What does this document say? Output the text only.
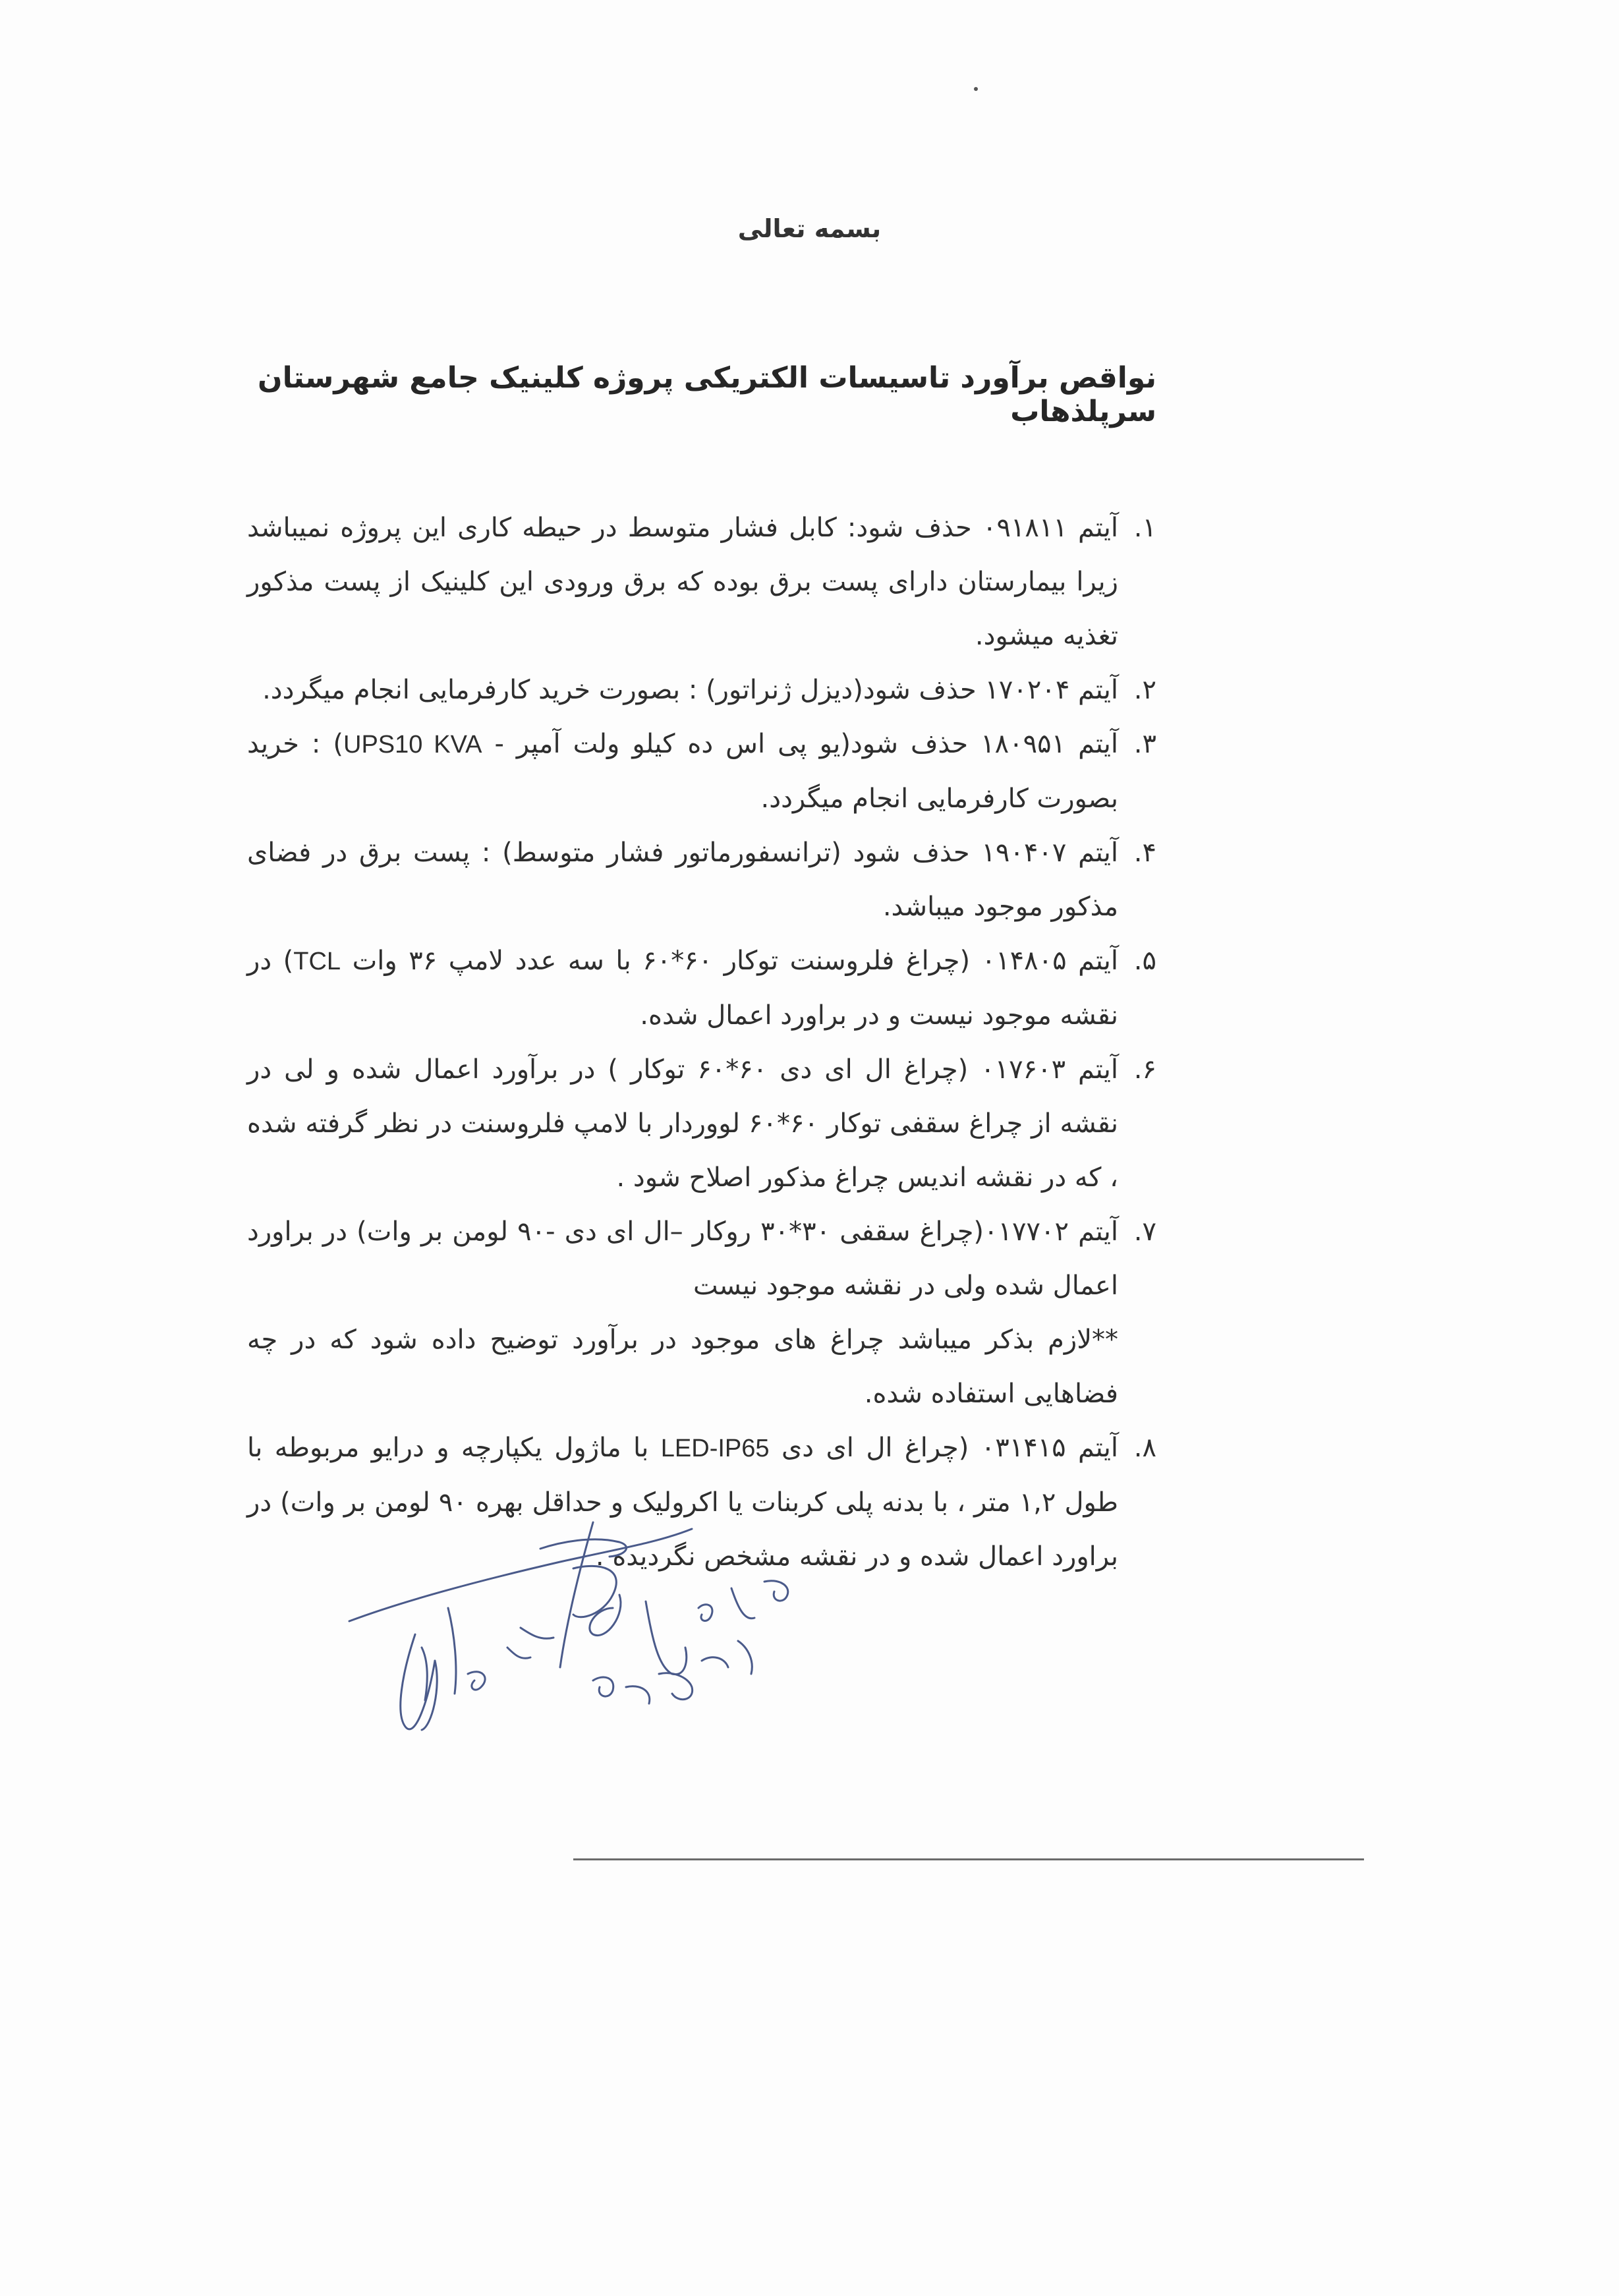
بسمه تعالی
نواقص برآورد تاسیسات الکتریکی پروژه کلینیک جامع شهرستان سرپلذهاب
۱.
آیتم ۰۹۱۸۱۱ حذف شود: کابل فشار متوسط در حیطه کاری این پروژه نمیباشد زیرا بیمارستان دارای پست برق بوده که برق ورودی این کلینیک از پست مذکور تغذیه میشود.
۲.
آیتم ۱۷۰۲۰۴ حذف شود(دیزل ژنراتور) : بصورت خرید کارفرمایی انجام میگردد.
۳.
آیتم ۱۸۰۹۵۱ حذف شود(یو پی اس ده کیلو ولت آمپر - UPS10 KVA) : خرید بصورت کارفرمایی انجام میگردد.
۴.
آیتم ۱۹۰۴۰۷ حذف شود (ترانسفورماتور فشار متوسط) : پست برق در فضای مذکور موجود میباشد.
۵.
آیتم ۰۱۴۸۰۵ (چراغ فلروسنت توکار ۶۰*۶۰ با سه عدد لامپ ۳۶ وات TCL) در نقشه موجود نیست و در براورد اعمال شده.
۶.
آیتم ۰۱۷۶۰۳ (چراغ ال ای دی ۶۰*۶۰ توکار ) در برآورد اعمال شده و لی در نقشه از چراغ سقفی توکار ۶۰*۶۰ لووردار با لامپ فلروسنت در نظر گرفته شده ، که در نقشه اندیس چراغ مذکور اصلاح شود .
۷.
آیتم ۰۱۷۷۰۲(چراغ سقفی ۳۰*۳۰ روکار –ال ای دی -۹۰ لومن بر وات) در براورد اعمال شده ولی در نقشه موجود نیست
**لازم بذکر میباشد چراغ های موجود در برآورد توضیح داده شود که در چه فضاهایی استفاده شده.
۸.
آیتم ۰۳۱۴۱۵ (چراغ ال ای دی LED-IP65 با ماژول یکپارچه و درایو مربوطه با طول ۱,۲ متر ، با بدنه پلی کربنات یا اکرولیک و حداقل بهره ۹۰ لومن بر وات) در براورد اعمال شده و در نقشه مشخص نگردیده .
۹۹,۴,۲۶
